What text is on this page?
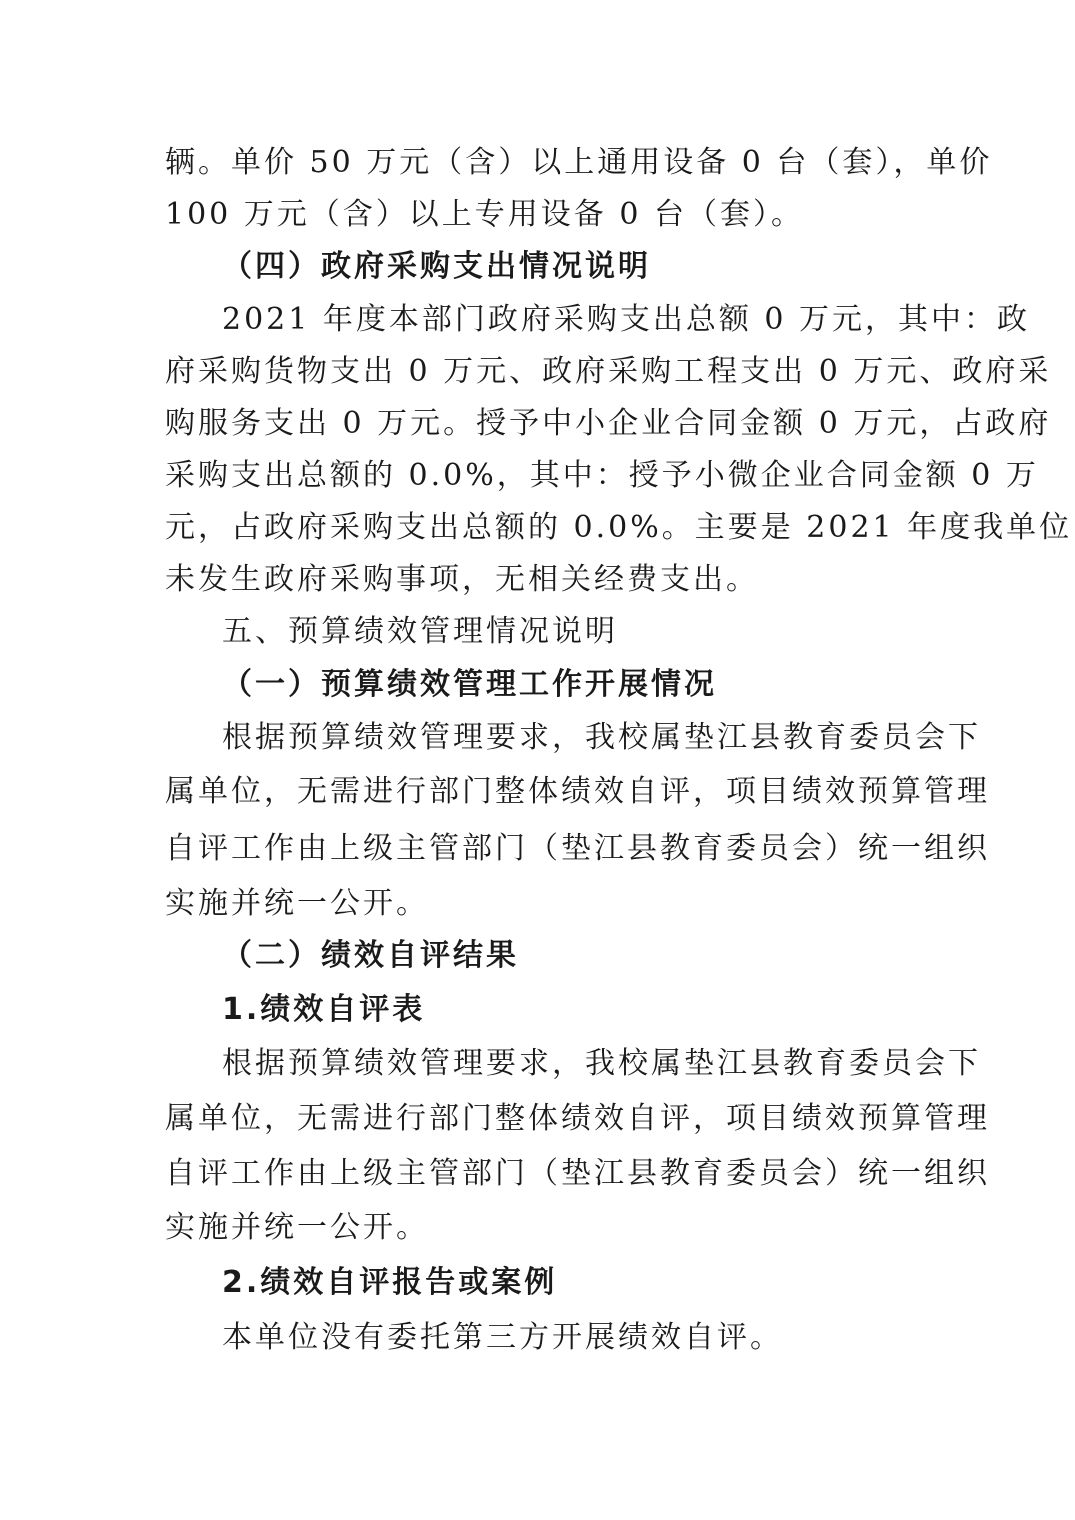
辆。单价 50 万元（含）以上通用设备 0 台（套），单价
100 万元（含）以上专用设备 0 台（套）。
（四）政府采购支出情况说明
2021 年度本部门政府采购支出总额 0 万元，其中：政
府采购货物支出 0 万元、政府采购工程支出 0 万元、政府采
购服务支出 0 万元。授予中小企业合同金额 0 万元，占政府
采购支出总额的 0.0%，其中：授予小微企业合同金额 0 万
元，占政府采购支出总额的 0.0%。主要是 2021 年度我单位
未发生政府采购事项，无相关经费支出。
五、预算绩效管理情况说明
（一）预算绩效管理工作开展情况
根据预算绩效管理要求，我校属垫江县教育委员会下
属单位，无需进行部门整体绩效自评，项目绩效预算管理
自评工作由上级主管部门（垫江县教育委员会）统一组织
实施并统一公开。
（二）绩效自评结果
1.绩效自评表
根据预算绩效管理要求，我校属垫江县教育委员会下
属单位，无需进行部门整体绩效自评，项目绩效预算管理
自评工作由上级主管部门（垫江县教育委员会）统一组织
实施并统一公开。
2.绩效自评报告或案例
本单位没有委托第三方开展绩效自评。
